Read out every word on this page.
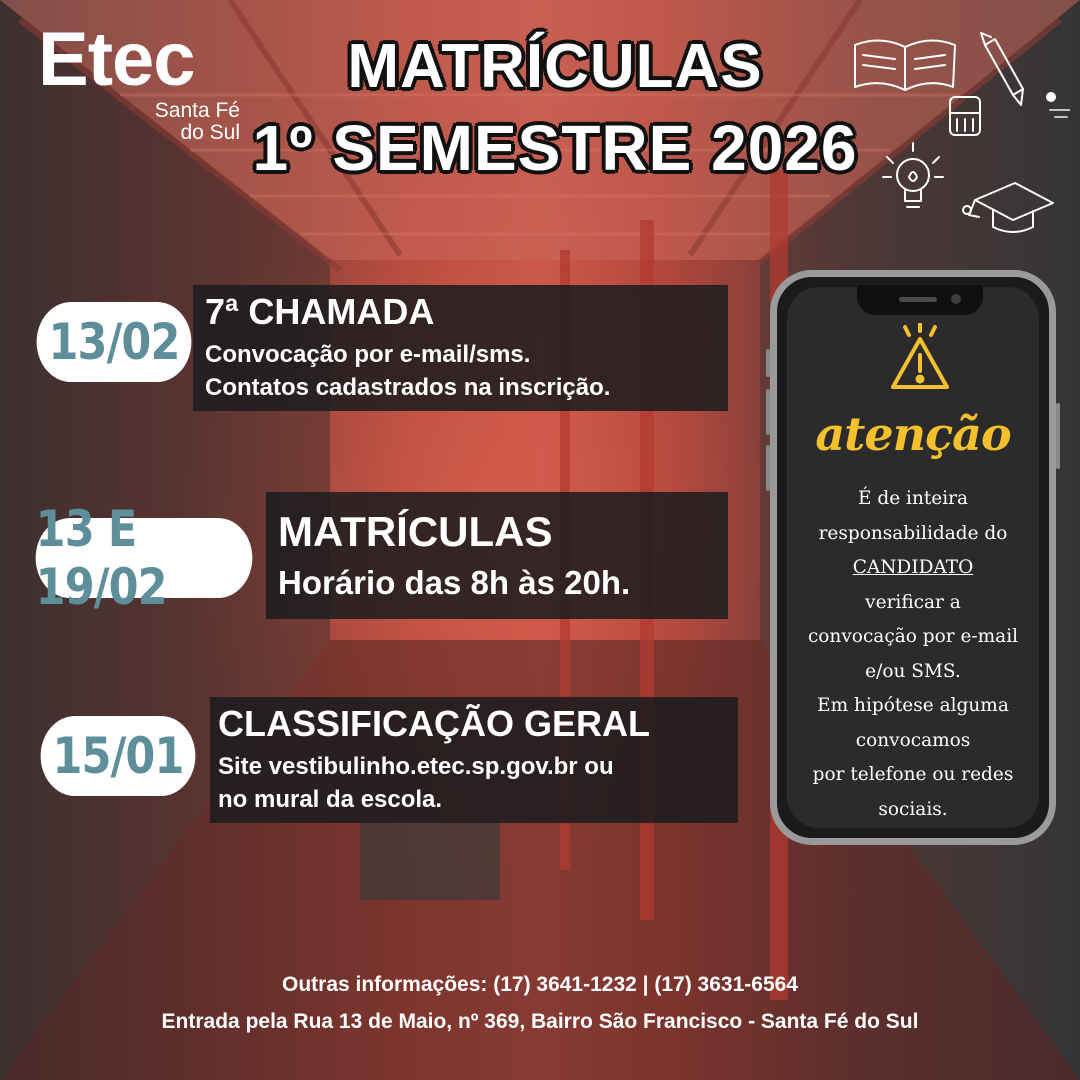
Etec
Santa Fé
do Sul
MATRÍCULAS
1º SEMESTRE 2026
13/02
7ª CHAMADA
Convocação por e-mail/sms.
Contatos cadastrados na inscrição.
13 E 19/02
MATRÍCULAS
Horário das 8h às 20h.
15/01
CLASSIFICAÇÃO GERAL
Site vestibulinho.etec.sp.gov.br ou
no mural da escola.
atenção
É de inteira
responsabilidade do
CANDIDATO
verificar a
convocação por e-mail
e/ou SMS.
Em hipótese alguma
convocamos
por telefone ou redes
sociais.
Outras informações: (17) 3641-1232 | (17) 3631-6564
Entrada pela Rua 13 de Maio, nº 369, Bairro São Francisco - Santa Fé do Sul
